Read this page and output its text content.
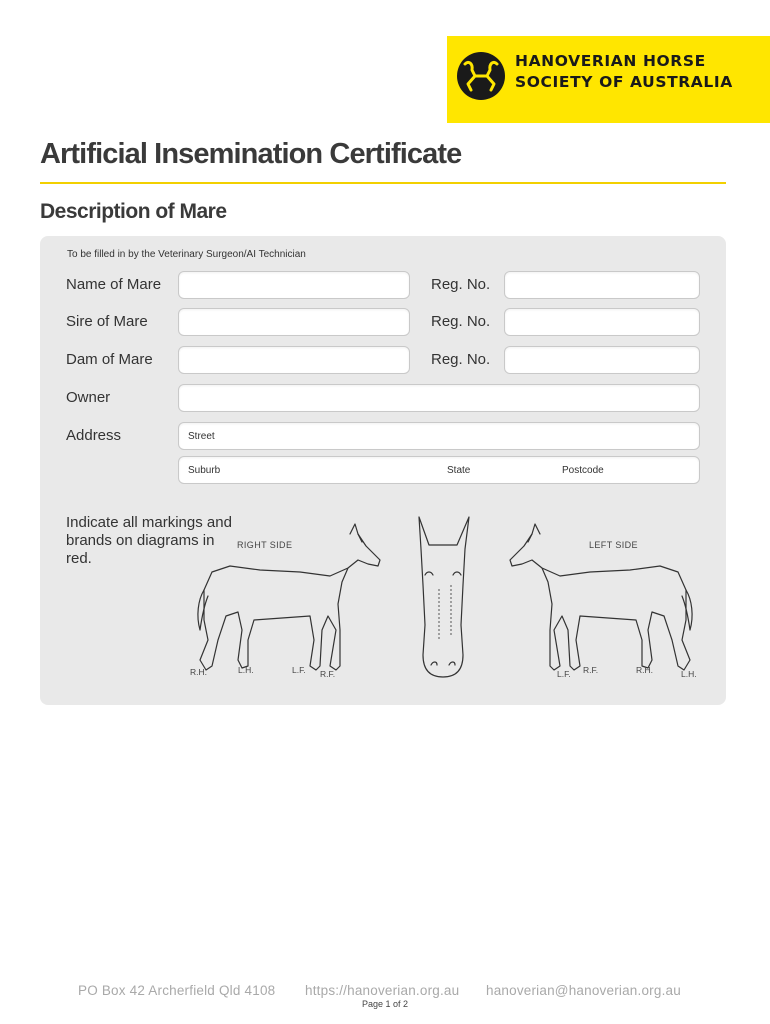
HANOVERIAN HORSE
SOCIETY OF AUSTRALIA
Artificial Insemination Certificate
Description of Mare
To be filled in by the Veterinary Surgeon/AI Technician
Name of Mare	Reg. No.
Sire of Mare	Reg. No.
Dam of Mare	Reg. No.
Owner
Address	Street
Suburb	State	Postcode
Indicate all markings and brands on diagrams in red.
RIGHT SIDE	LEFT SIDE
R.H.	L.H.	L.F. R.F.	L.F. R.F.	R.H.	L.H.
PO Box 42 Archerfield Qld 4108 https://hanoverian.org.au hanoverian@hanoverian.org.au
Page 1 of 2
